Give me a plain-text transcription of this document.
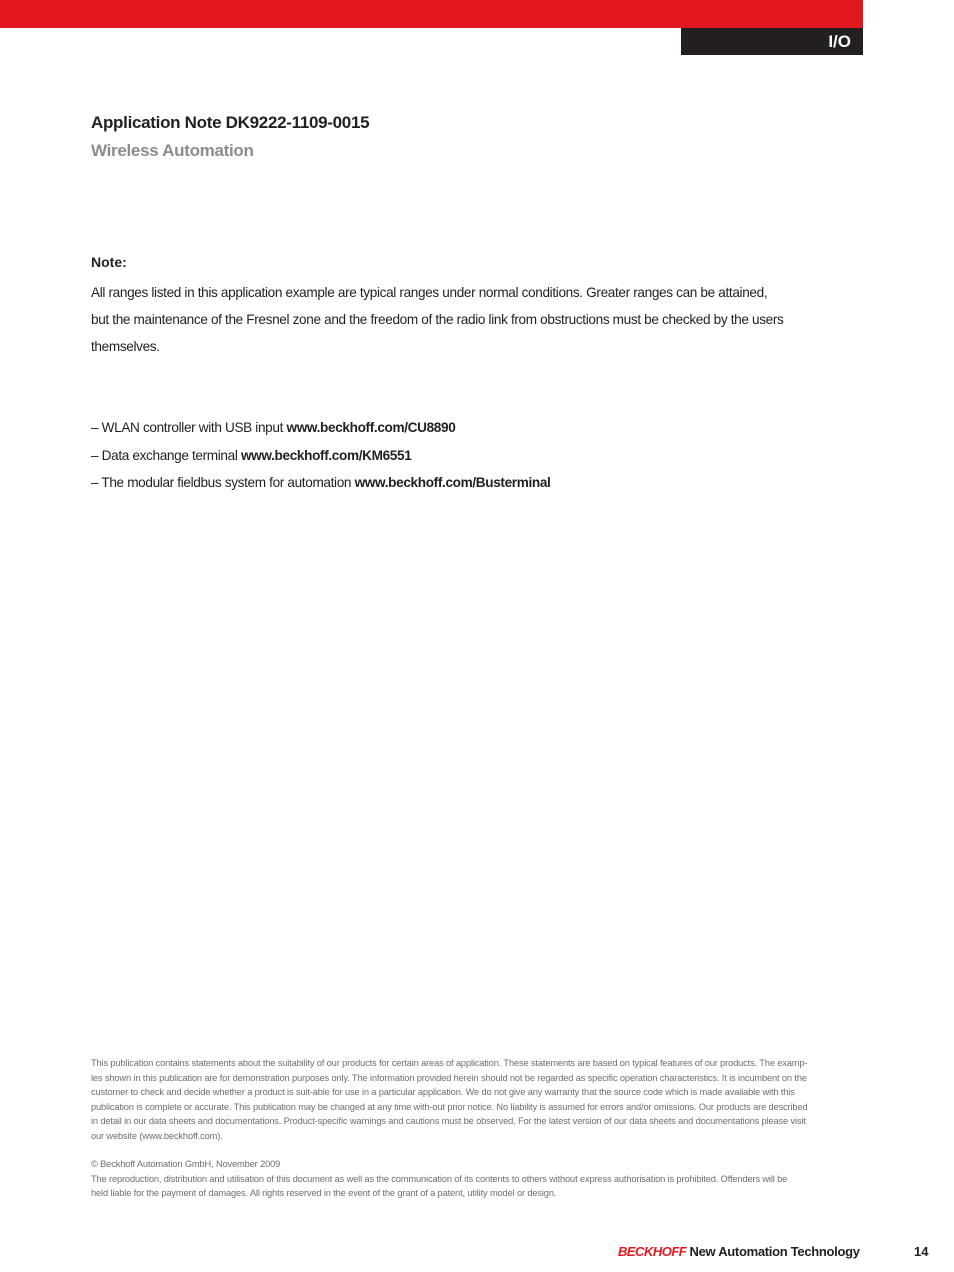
I/O
Application Note DK9222-1109-0015
Wireless Automation
Note:
All ranges listed in this application example are typical ranges under normal conditions. Greater ranges can be attained,
but the maintenance of the Fresnel zone and the freedom of the radio link from obstructions must be checked by the users
themselves.
– WLAN controller with USB input www.beckhoff.com/CU8890
– Data exchange terminal www.beckhoff.com/KM6551
– The modular fieldbus system for automation www.beckhoff.com/Busterminal
This publication contains statements about the suitability of our products for certain areas of application. These statements are based on typical features of our products. The examp-
les shown in this publication are for demonstration purposes only. The information provided herein should not be regarded as specific operation characteristics. It is incumbent on the
customer to check and decide whether a product is suit-able for use in a particular application. We do not give any warranty that the source code which is made available with this
publication is complete or accurate. This publication may be changed at any time with-out prior notice. No liability is assumed for errors and/or omissions. Our products are described
in detail in our data sheets and documentations. Product-specific warnings and cautions must be observed. For the latest version of our data sheets and documentations please visit
our website (www.beckhoff.com).
© Beckhoff Automation GmbH, November 2009
The reproduction, distribution and utilisation of this document as well as the communication of its contents to others without express authorisation is prohibited. Offenders will be
held liable for the payment of damages. All rights reserved in the event of the grant of a patent, utility model or design.
BECKHOFF New Automation Technology	14
